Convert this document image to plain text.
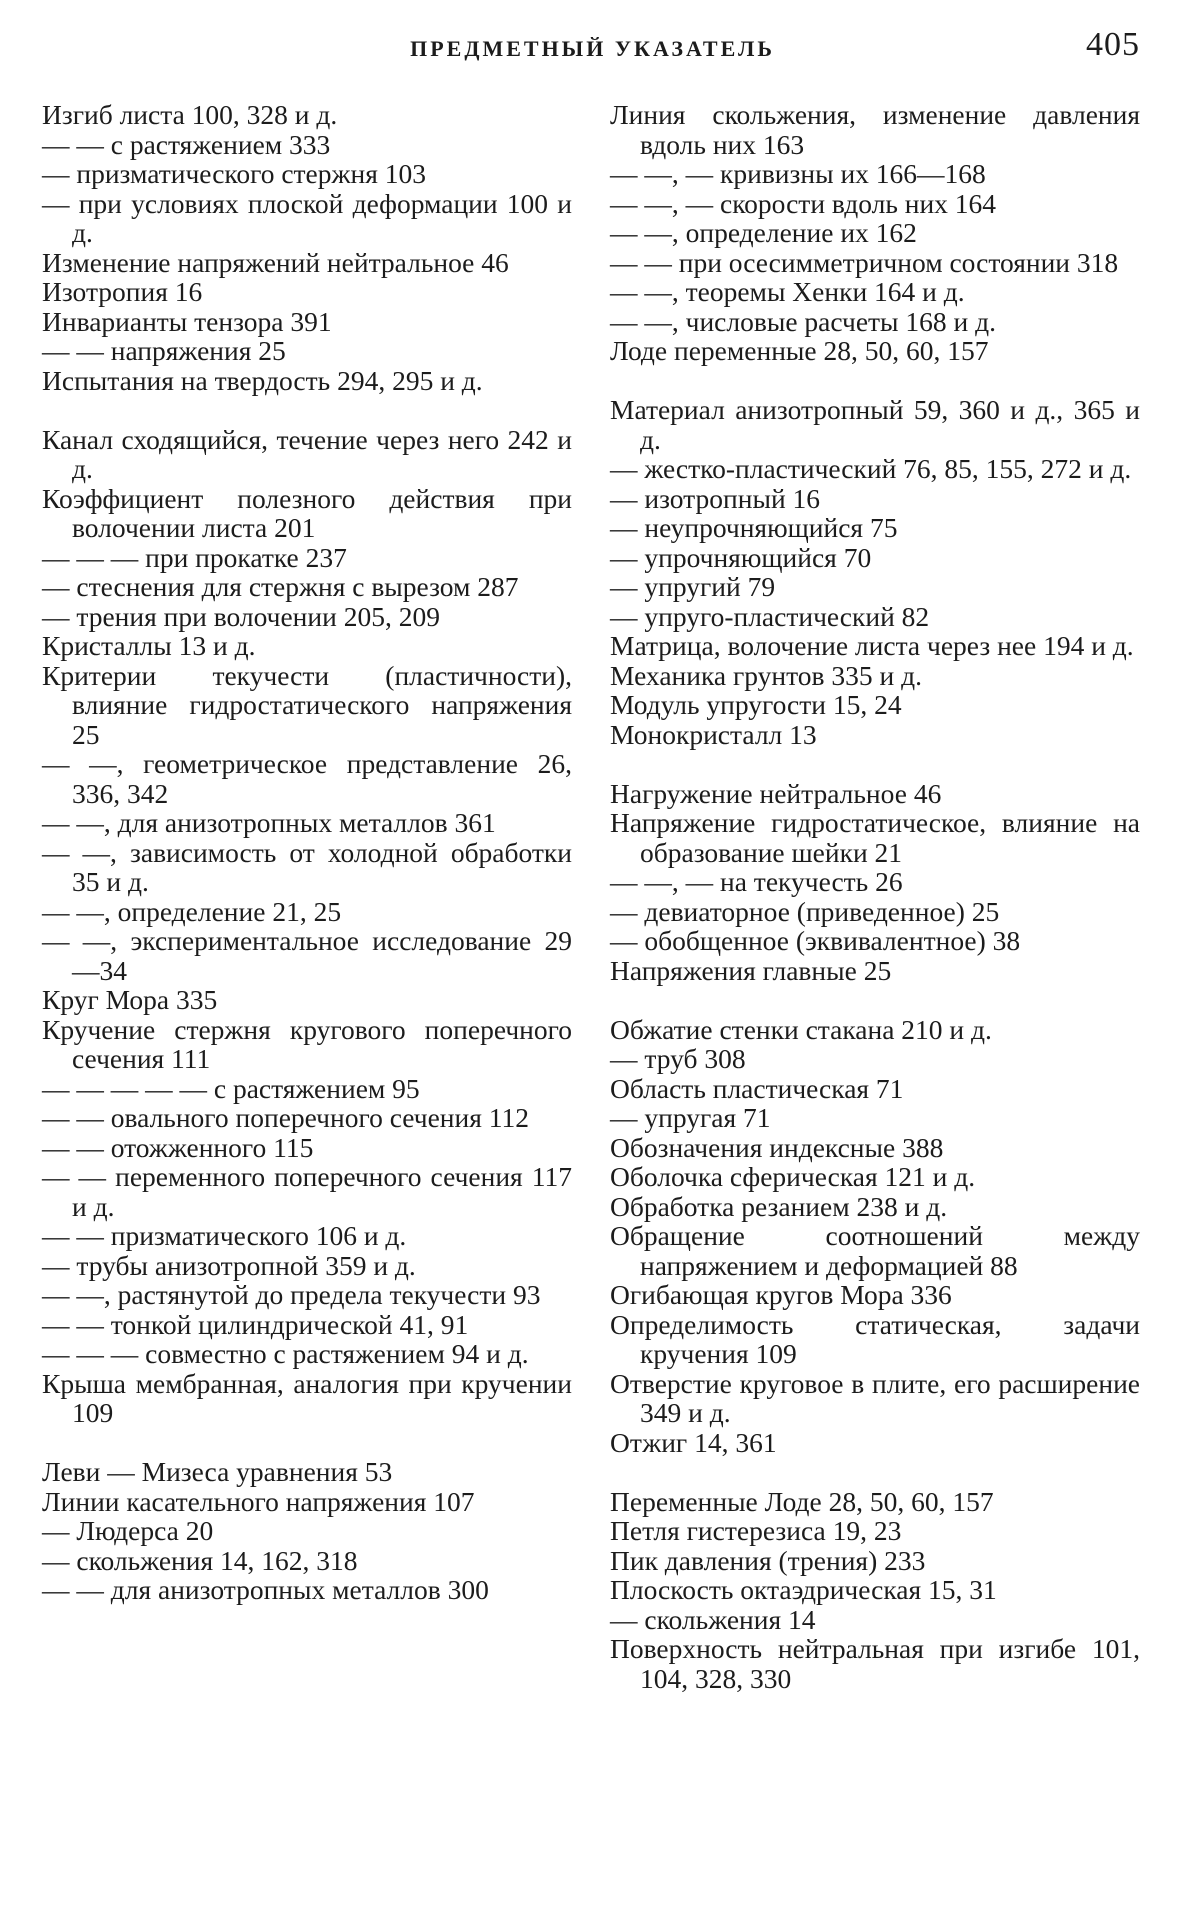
ПРЕДМЕТНЫЙ УКАЗАТЕЛЬ	405
Изгиб листа 100, 328 и д.
— — с растяжением 333
— призматического стержня 103
— при условиях плоской деформации 100 и д.
Изменение напряжений нейтральное 46
Изотропия 16
Инварианты тензора 391
— — напряжения 25
Испытания на твердость 294, 295 и д.
Канал сходящийся, течение через него 242 и д.
Коэффициент полезного действия при волочении листа 201
— — — при прокатке 237
— стеснения для стержня с вырезом 287
— трения при волочении 205, 209
Кристаллы 13 и д.
Критерии текучести (пластичности), влияние гидростатического напряжения 25
— —, геометрическое представление 26, 336, 342
— —, для анизотропных металлов 361
— —, зависимость от холодной обработки 35 и д.
— —, определение 21, 25
— —, экспериментальное исследование 29—34
Круг Мора 335
Кручение стержня кругового поперечного сечения 111
— — — — — с растяжением 95
— — овального поперечного сечения 112
— — отожженного 115
— — переменного поперечного сечения 117 и д.
— — призматического 106 и д.
— трубы анизотропной 359 и д.
— —, растянутой до предела текучести 93
— — тонкой цилиндрической 41, 91
— — — совместно с растяжением 94 и д.
Крыша мембранная, аналогия при кручении 109
Леви — Мизеса уравнения 53
Линии касательного напряжения 107
— Людерса 20
— скольжения 14, 162, 318
— — для анизотропных металлов 300
Линия скольжения, изменение давления вдоль них 163
— —, — кривизны их 166—168
— —, — скорости вдоль них 164
— —, определение их 162
— — при осесимметричном состоянии 318
— —, теоремы Хенки 164 и д.
— —, числовые расчеты 168 и д.
Лоде переменные 28, 50, 60, 157
Материал анизотропный 59, 360 и д., 365 и д.
— жестко-пластический 76, 85, 155, 272 и д.
— изотропный 16
— неупрочняющийся 75
— упрочняющийся 70
— упругий 79
— упруго-пластический 82
Матрица, волочение листа через нее 194 и д.
Механика грунтов 335 и д.
Модуль упругости 15, 24
Монокристалл 13
Нагружение нейтральное 46
Напряжение гидростатическое, влияние на образование шейки 21
— —, — на текучесть 26
— девиаторное (приведенное) 25
— обобщенное (эквивалентное) 38
Напряжения главные 25
Обжатие стенки стакана 210 и д.
— труб 308
Область пластическая 71
— упругая 71
Обозначения индексные 388
Оболочка сферическая 121 и д.
Обработка резанием 238 и д.
Обращение соотношений между напряжением и деформацией 88
Огибающая кругов Мора 336
Определимость статическая, задачи кручения 109
Отверстие круговое в плите, его расширение 349 и д.
Отжиг 14, 361
Переменные Лоде 28, 50, 60, 157
Петля гистерезиса 19, 23
Пик давления (трения) 233
Плоскость октаэдрическая 15, 31
— скольжения 14
Поверхность нейтральная при изгибе 101, 104, 328, 330
